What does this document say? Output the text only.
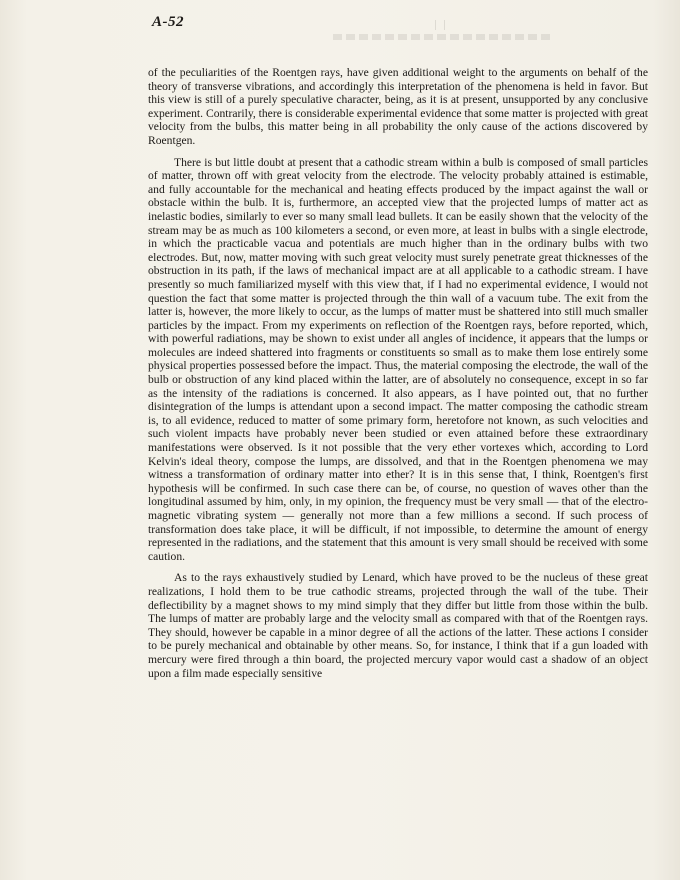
A-52

of the peculiarities of the Roentgen rays, have given additional weight to the arguments on behalf of the theory of transverse vibrations, and accordingly this interpretation of the phenomena is held in favor. But this view is still of a purely speculative character, being, as it is at present, unsupported by any conclusive experiment. Contrarily, there is considerable experimental evidence that some matter is projected with great velocity from the bulbs, this matter being in all probability the only cause of the actions discovered by Roentgen.

There is but little doubt at present that a cathodic stream within a bulb is composed of small particles of matter, thrown off with great velocity from the electrode. The velocity probably attained is estimable, and fully accountable for the mechanical and heating effects produced by the impact against the wall or obstacle within the bulb. It is, furthermore, an accepted view that the projected lumps of matter act as inelastic bodies, similarly to ever so many small lead bullets. It can be easily shown that the velocity of the stream may be as much as 100 kilometers a second, or even more, at least in bulbs with a single electrode, in which the practicable vacua and potentials are much higher than in the ordinary bulbs with two electrodes. But, now, matter moving with such great velocity must surely penetrate great thicknesses of the obstruction in its path, if the laws of mechanical impact are at all applicable to a cathodic stream. I have presently so much familiarized myself with this view that, if I had no experimental evidence, I would not question the fact that some matter is projected through the thin wall of a vacuum tube. The exit from the latter is, however, the more likely to occur, as the lumps of matter must be shattered into still much smaller particles by the impact. From my experiments on reflection of the Roentgen rays, before reported, which, with powerful radiations, may be shown to exist under all angles of incidence, it appears that the lumps or molecules are indeed shattered into fragments or constituents so small as to make them lose entirely some physical properties possessed before the impact. Thus, the material composing the electrode, the wall of the bulb or obstruction of any kind placed within the latter, are of absolutely no consequence, except in so far as the intensity of the radiations is concerned. It also appears, as I have pointed out, that no further disintegration of the lumps is attendant upon a second impact. The matter composing the cathodic stream is, to all evidence, reduced to matter of some primary form, heretofore not known, as such velocities and such violent impacts have probably never been studied or even attained before these extraordinary manifestations were observed. Is it not possible that the very ether vortexes which, according to Lord Kelvin's ideal theory, compose the lumps, are dissolved, and that in the Roentgen phenomena we may witness a transformation of ordinary matter into ether? It is in this sense that, I think, Roentgen's first hypothesis will be confirmed. In such case there can be, of course, no question of waves other than the longitudinal assumed by him, only, in my opinion, the frequency must be very small — that of the electro-magnetic vibrating system — generally not more than a few millions a second. If such process of transformation does take place, it will be difficult, if not impossible, to determine the amount of energy represented in the radiations, and the statement that this amount is very small should be received with some caution.

As to the rays exhaustively studied by Lenard, which have proved to be the nucleus of these great realizations, I hold them to be true cathodic streams, projected through the wall of the tube. Their deflectibility by a magnet shows to my mind simply that they differ but little from those within the bulb. The lumps of matter are probably large and the velocity small as compared with that of the Roentgen rays. They should, however be capable in a minor degree of all the actions of the latter. These actions I consider to be purely mechanical and obtainable by other means. So, for instance, I think that if a gun loaded with mercury were fired through a thin board, the projected mercury vapor would cast a shadow of an object upon a film made especially sensitive
